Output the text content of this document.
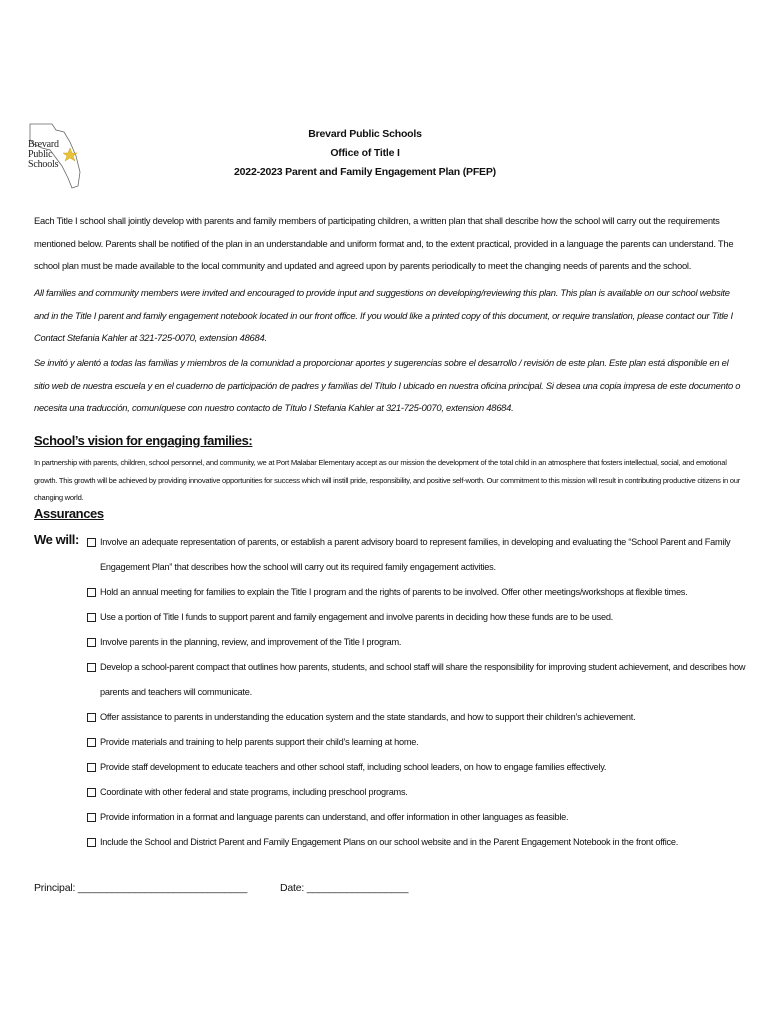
Brevard
Public
Schools
Brevard Public Schools
Office of Title I
2022-2023 Parent and Family Engagement Plan (PFEP)

Each Title I school shall jointly develop with parents and family members of participating children, a written plan that shall describe how the school will carry out the requirements mentioned below. Parents shall be notified of the plan in an understandable and uniform format and, to the extent practical, provided in a language the parents can understand. The school plan must be made available to the local community and updated and agreed upon by parents periodically to meet the changing needs of parents and the school.

All families and community members were invited and encouraged to provide input and suggestions on developing/reviewing this plan. This plan is available on our school website and in the Title I parent and family engagement notebook located in our front office. If you would like a printed copy of this document, or require translation, please contact our Title I Contact Stefania Kahler at 321-725-0070, extension 48684.

Se invitó y alentó a todas las familias y miembros de la comunidad a proporcionar aportes y sugerencias sobre el desarrollo / revisión de este plan. Este plan está disponible en el sitio web de nuestra escuela y en el cuaderno de participación de padres y familias del Título I ubicado en nuestra oficina principal. Si desea una copia impresa de este documento o necesita una traducción, comuníquese con nuestro contacto de Título I Stefania Kahler at 321-725-0070, extension 48684.

School’s vision for engaging families:
In partnership with parents, children, school personnel, and community, we at Port Malabar Elementary accept as our mission the development of the total child in an atmosphere that fosters intellectual, social, and emotional growth. This growth will be achieved by providing innovative opportunities for success which will instill pride, responsibility, and positive self-worth. Our commitment to this mission will result in contributing productive citizens in our changing world.
Assurances
We will:	Involve an adequate representation of parents, or establish a parent advisory board to represent families, in developing and evaluating the “School Parent and Family Engagement Plan” that describes how the school will carry out its required family engagement activities.
Hold an annual meeting for families to explain the Title I program and the rights of parents to be involved. Offer other meetings/workshops at flexible times.
Use a portion of Title I funds to support parent and family engagement and involve parents in deciding how these funds are to be used.
Involve parents in the planning, review, and improvement of the Title I program.
Develop a school-parent compact that outlines how parents, students, and school staff will share the responsibility for improving student achievement, and describes how parents and teachers will communicate.
Offer assistance to parents in understanding the education system and the state standards, and how to support their children’s achievement.
Provide materials and training to help parents support their child’s learning at home.
Provide staff development to educate teachers and other school staff, including school leaders, on how to engage families effectively.
Coordinate with other federal and state programs, including preschool programs.
Provide information in a format and language parents can understand, and offer information in other languages as feasible.
Include the School and District Parent and Family Engagement Plans on our school website and in the Parent Engagement Notebook in the front office.
Principal: ______________________________	Date: __________________
